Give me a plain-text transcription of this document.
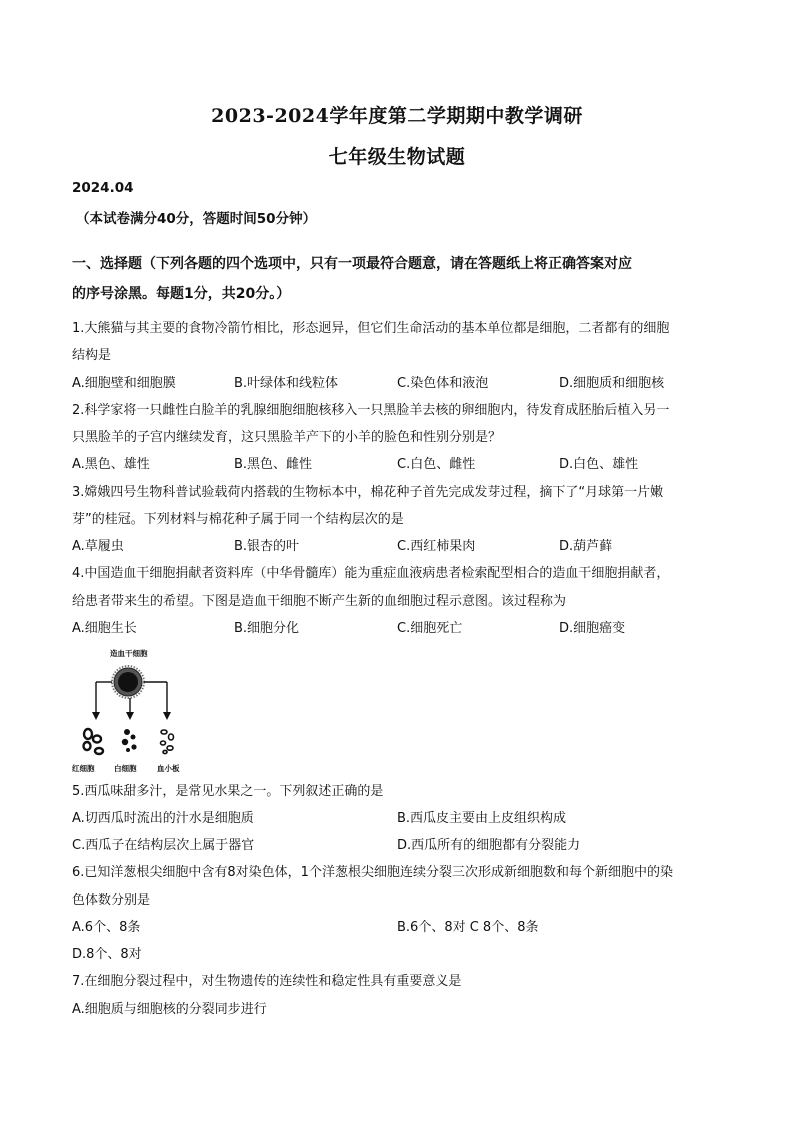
2023-2024学年度第二学期期中教学调研
七年级生物试题
2024.04
（本试卷满分40分，答题时间50分钟）
一、选择题（下列各题的四个选项中，只有一项最符合题意，请在答题纸上将正确答案对应
的序号涂黑。每题1分，共20分。）
1.大熊猫与其主要的食物冷箭竹相比，形态迥异，但它们生命活动的基本单位都是细胞，二者都有的细胞
结构是
A.细胞壁和细胞膜	B.叶绿体和线粒体	C.染色体和液泡	D.细胞质和细胞核
2.科学家将一只雌性白脸羊的乳腺细胞细胞核移入一只黑脸羊去核的卵细胞内，待发育成胚胎后植入另一
只黑脸羊的子宫内继续发育，这只黑脸羊产下的小羊的脸色和性别分别是？
A.黑色、雄性	B.黑色、雌性	C.白色、雌性	D.白色、雄性
3.嫦娥四号生物科普试验载荷内搭载的生物标本中，棉花种子首先完成发芽过程，摘下了“月球第一片嫩
芽”的桂冠。下列材料与棉花种子属于同一个结构层次的是
A.草履虫	B.银杏的叶	C.西红柿果肉	D.葫芦藓
4.中国造血干细胞捐献者资料库（中华骨髓库）能为重症血液病患者检索配型相合的造血干细胞捐献者，
给患者带来生的希望。下图是造血干细胞不断产生新的血细胞过程示意图。该过程称为
A.细胞生长	B.细胞分化	C.细胞死亡	D.细胞癌变
造血干细胞
红细胞	白细胞	血小板
5.西瓜味甜多汁，是常见水果之一。下列叙述正确的是
A.切西瓜时流出的汁水是细胞质	B.西瓜皮主要由上皮组织构成
C.西瓜子在结构层次上属于器官	D.西瓜所有的细胞都有分裂能力
6.已知洋葱根尖细胞中含有8对染色体，1个洋葱根尖细胞连续分裂三次形成新细胞数和每个新细胞中的染
色体数分别是
A.6个、8条	B.6个、8对 C 8个、8条
D.8个、8对
7.在细胞分裂过程中，对生物遗传的连续性和稳定性具有重要意义是
A.细胞质与细胞核的分裂同步进行
